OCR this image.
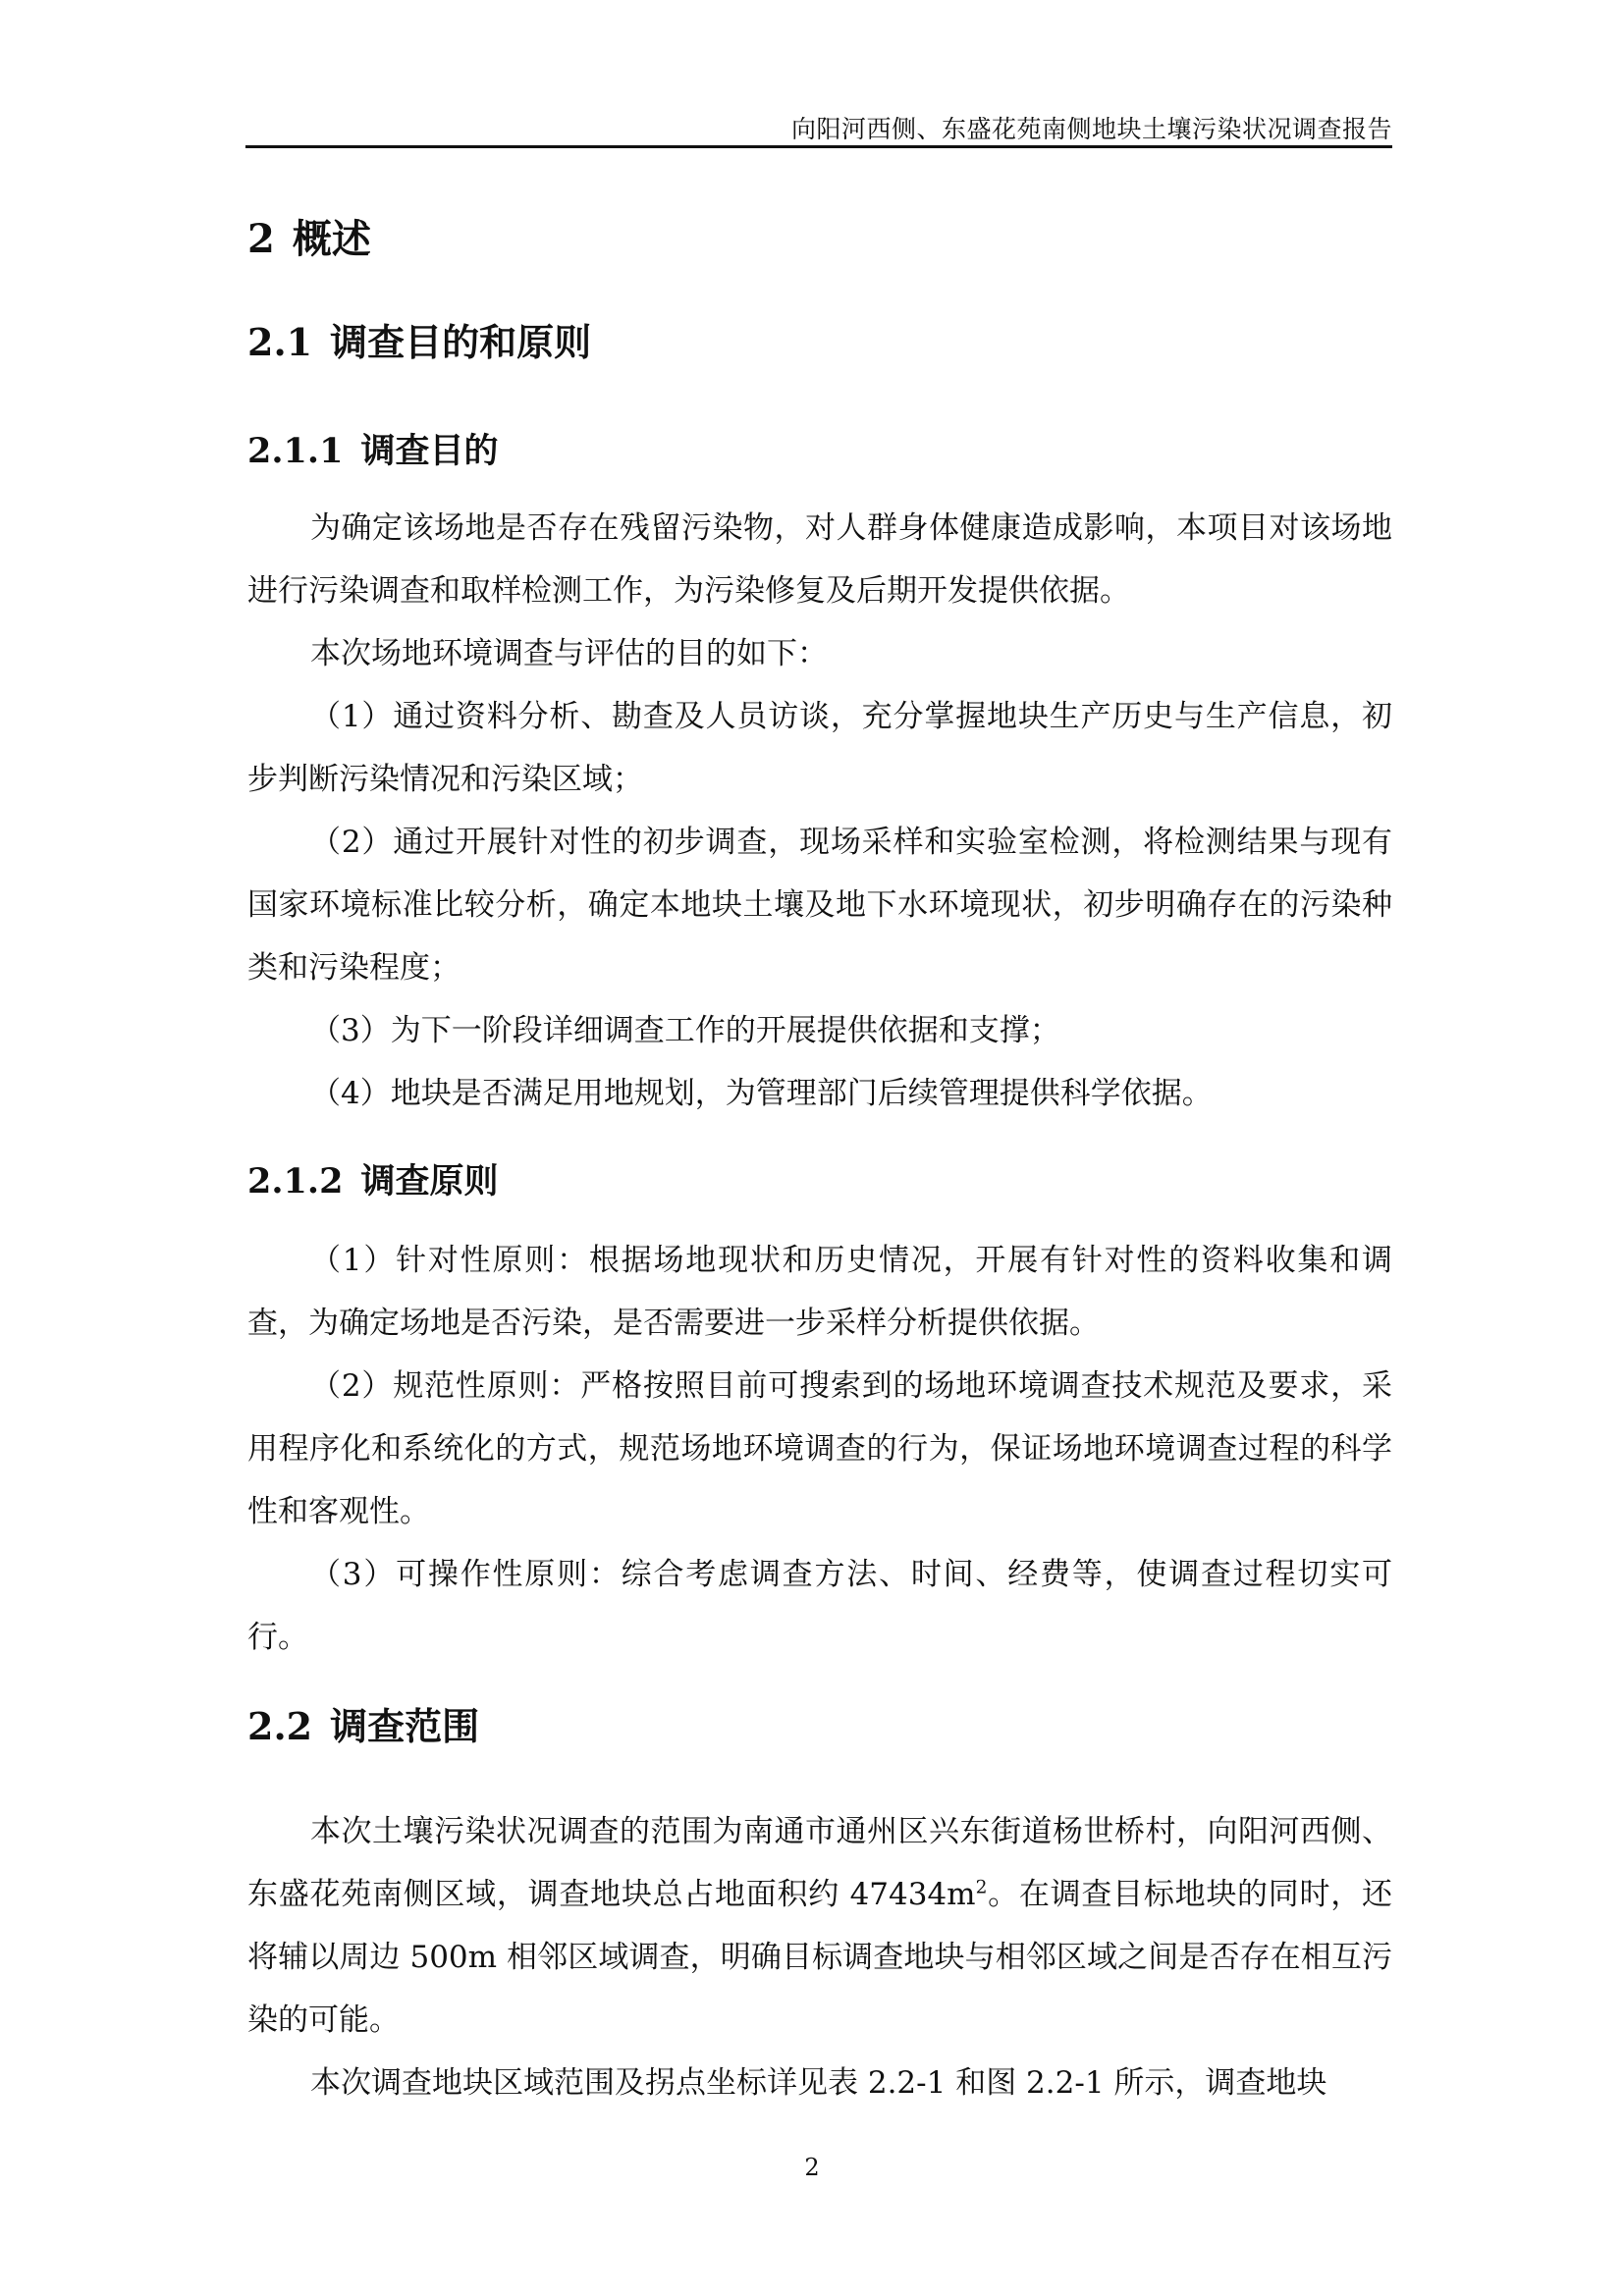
向阳河西侧、东盛花苑南侧地块土壤污染状况调查报告
2 概述
2.1 调查目的和原则
2.1.1 调查目的

为确定该场地是否存在残留污染物，对人群身体健康造成影响，本项目对该场地进行污染调查和取样检测工作，为污染修复及后期开发提供依据。

本次场地环境调查与评估的目的如下：

（1）通过资料分析、勘查及人员访谈，充分掌握地块生产历史与生产信息，初步判断污染情况和污染区域；

（2）通过开展针对性的初步调查，现场采样和实验室检测，将检测结果与现有国家环境标准比较分析，确定本地块土壤及地下水环境现状，初步明确存在的污染种类和污染程度；

（3）为下一阶段详细调查工作的开展提供依据和支撑；

（4）地块是否满足用地规划，为管理部门后续管理提供科学依据。

2.1.2 调查原则

（1）针对性原则：根据场地现状和历史情况，开展有针对性的资料收集和调查，为确定场地是否污染，是否需要进一步采样分析提供依据。

（2）规范性原则：严格按照目前可搜索到的场地环境调查技术规范及要求，采用程序化和系统化的方式，规范场地环境调查的行为，保证场地环境调查过程的科学性和客观性。

（3）可操作性原则：综合考虑调查方法、时间、经费等，使调查过程切实可行。

2.2 调查范围

本次土壤污染状况调查的范围为南通市通州区兴东街道杨世桥村，向阳河西侧、东盛花苑南侧区域，调查地块总占地面积约 $47434m^2$。在调查目标地块的同时，还将辅以周边 500m 相邻区域调查，明确目标调查地块与相邻区域之间是否存在相互污染的可能。

本次调查地块区域范围及拐点坐标详见表 2.2-1 和图 2.2-1 所示，调查地块

2
